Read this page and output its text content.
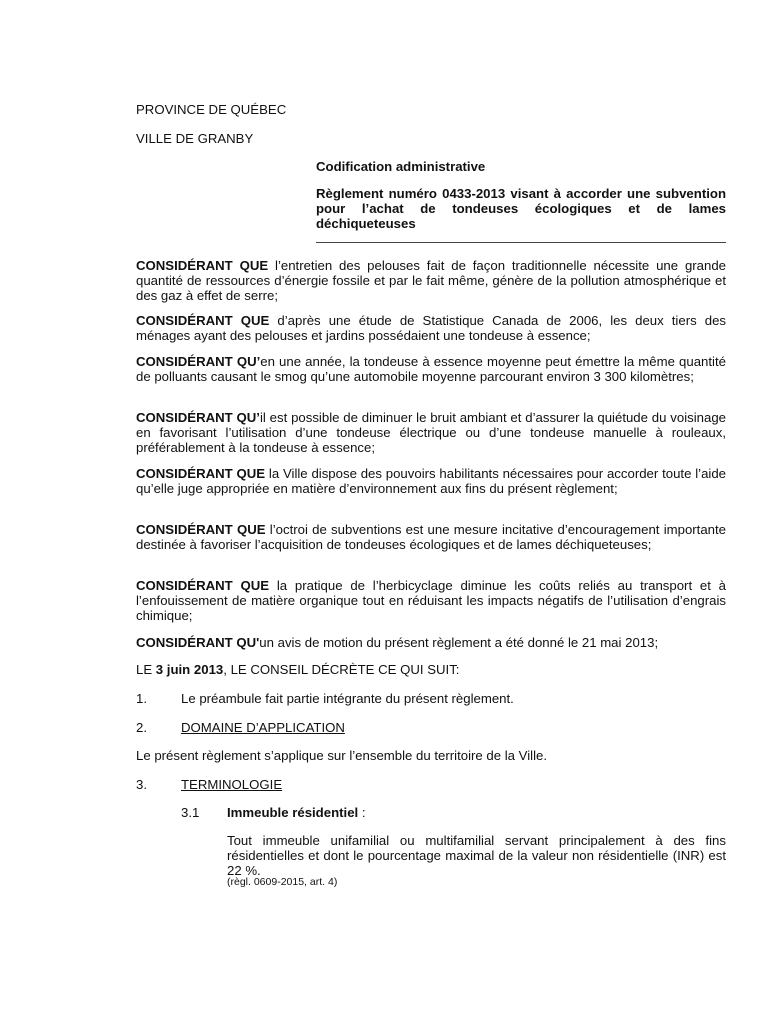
PROVINCE DE QUÉBEC
VILLE DE GRANBY
Codification administrative
Règlement numéro 0433-2013 visant à accorder une subvention pour l’achat de tondeuses écologiques et de lames déchiqueteuses

CONSIDÉRANT QUE l’entretien des pelouses fait de façon traditionnelle nécessite une grande quantité de ressources d’énergie fossile et par le fait même, génère de la pollution atmosphérique et des gaz à effet de serre;

CONSIDÉRANT QUE d’après une étude de Statistique Canada de 2006, les deux tiers des ménages ayant des pelouses et jardins possédaient une tondeuse à essence;

CONSIDÉRANT QU’en une année, la tondeuse à essence moyenne peut émettre la même quantité de polluants causant le smog qu’une automobile moyenne parcourant environ 3 300 kilomètres;

CONSIDÉRANT QU’il est possible de diminuer le bruit ambiant et d’assurer la quiétude du voisinage en favorisant l’utilisation d’une tondeuse électrique ou d’une tondeuse manuelle à rouleaux, préférablement à la tondeuse à essence;

CONSIDÉRANT QUE la Ville dispose des pouvoirs habilitants nécessaires pour accorder toute l’aide qu’elle juge appropriée en matière d’environnement aux fins du présent règlement;

CONSIDÉRANT QUE l’octroi de subventions est une mesure incitative d’encouragement importante destinée à favoriser l’acquisition de tondeuses écologiques et de lames déchiqueteuses;

CONSIDÉRANT QUE la pratique de l’herbicyclage diminue les coûts reliés au transport et à l’enfouissement de matière organique tout en réduisant les impacts négatifs de l’utilisation d’engrais chimique;

CONSIDÉRANT QU'un avis de motion du présent règlement a été donné le 21 mai 2013;

LE 3 juin 2013, LE CONSEIL DÉCRÈTE CE QUI SUIT:

1.	Le préambule fait partie intégrante du présent règlement.
2.	DOMAINE D’APPLICATION

Le présent règlement s’applique sur l’ensemble du territoire de la Ville.

3.	TERMINOLOGIE
3.1 Immeuble résidentiel :

Tout immeuble unifamilial ou multifamilial servant principalement à des fins résidentielles et dont le pourcentage maximal de la valeur non résidentielle (INR) est 22 %.

(règl. 0609-2015, art. 4)
